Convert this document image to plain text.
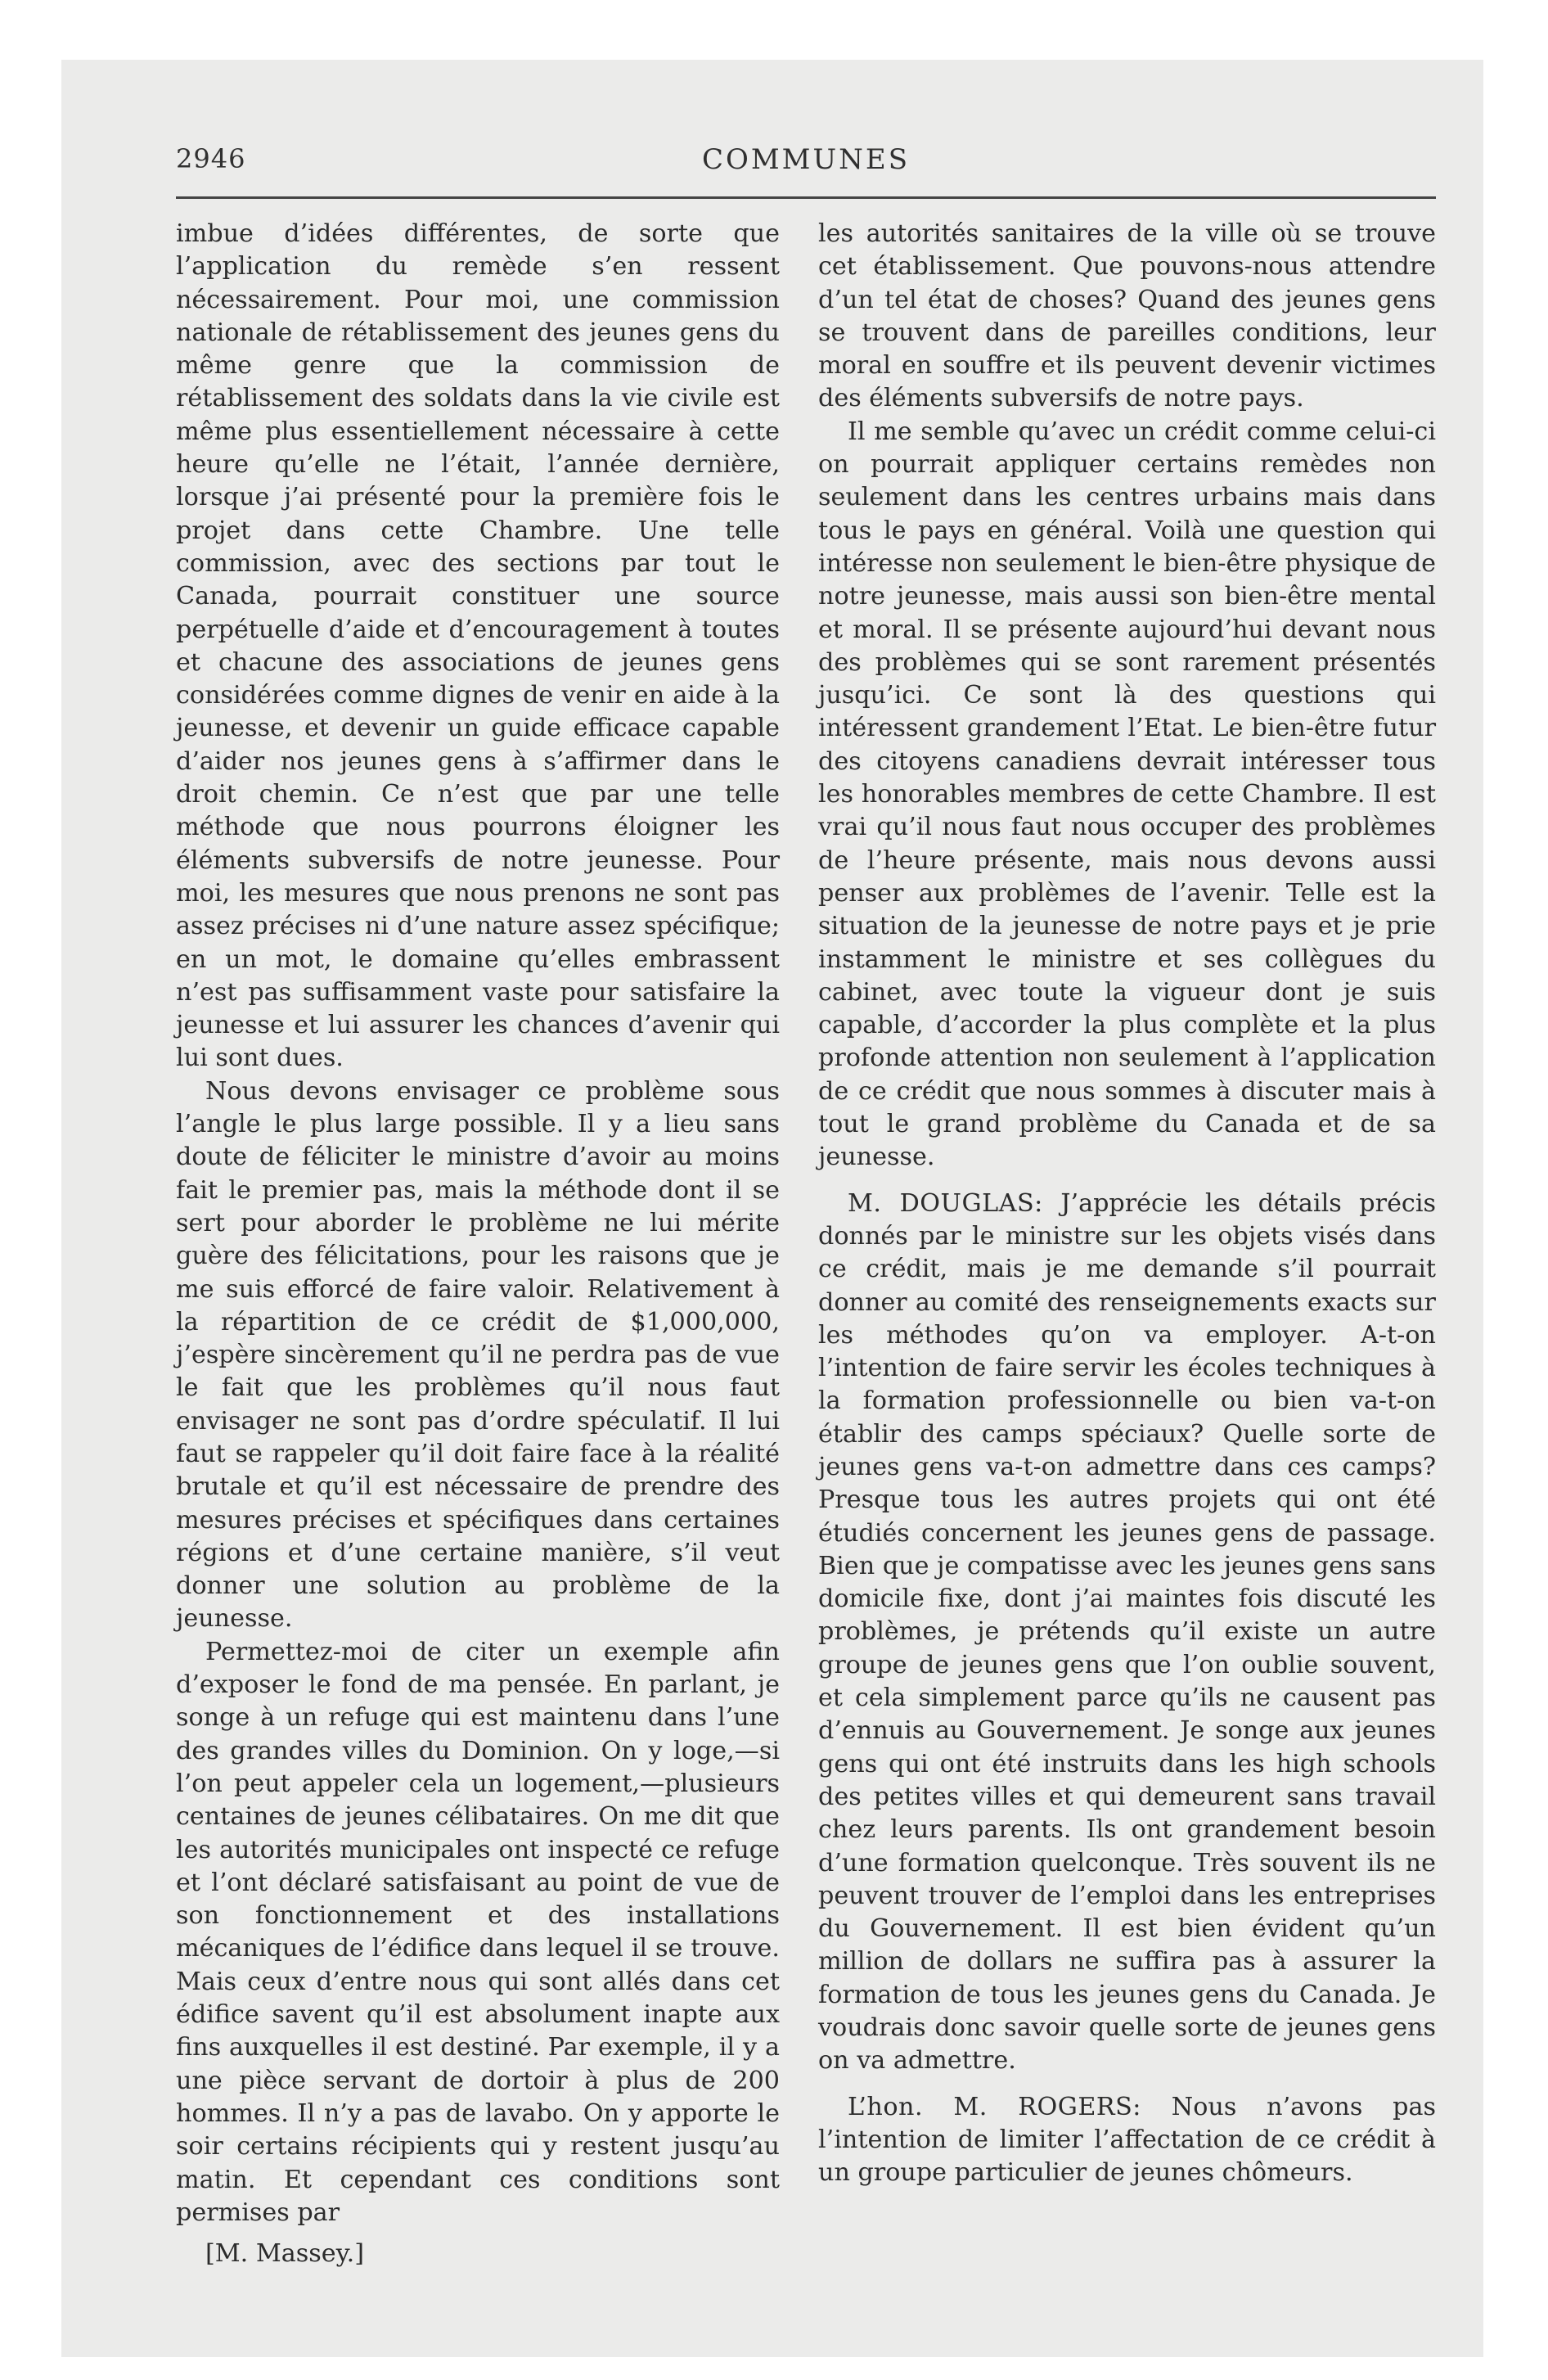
COMMUNES
2946

imbue d’idées différentes, de sorte que l’application du remède s’en ressent nécessairement. Pour moi, une commission nationale de rétablissement des jeunes gens du même genre que la commission de rétablissement des soldats dans la vie civile est même plus essentiellement nécessaire à cette heure qu’elle ne l’était, l’année dernière, lorsque j’ai présenté pour la première fois le projet dans cette Chambre. Une telle commission, avec des sections par tout le Canada, pourrait constituer une source perpétuelle d’aide et d’encouragement à toutes et chacune des associations de jeunes gens considérées comme dignes de venir en aide à la jeunesse, et devenir un guide efficace capable d’aider nos jeunes gens à s’affirmer dans le droit chemin. Ce n’est que par une telle méthode que nous pourrons éloigner les éléments subversifs de notre jeunesse. Pour moi, les mesures que nous prenons ne sont pas assez précises ni d’une nature assez spécifique; en un mot, le domaine qu’elles embrassent n’est pas suffisamment vaste pour satisfaire la jeunesse et lui assurer les chances d’avenir qui lui sont dues.

Nous devons envisager ce problème sous l’angle le plus large possible. Il y a lieu sans doute de féliciter le ministre d’avoir au moins fait le premier pas, mais la méthode dont il se sert pour aborder le problème ne lui mérite guère des félicitations, pour les raisons que je me suis efforcé de faire valoir. Relativement à la répartition de ce crédit de $1,000,000, j’espère sincèrement qu’il ne perdra pas de vue le fait que les problèmes qu’il nous faut envisager ne sont pas d’ordre spéculatif. Il lui faut se rappeler qu’il doit faire face à la réalité brutale et qu’il est nécessaire de prendre des mesures précises et spécifiques dans certaines régions et d’une certaine manière, s’il veut donner une solution au problème de la jeunesse.

Permettez-moi de citer un exemple afin d’exposer le fond de ma pensée. En parlant, je songe à un refuge qui est maintenu dans l’une des grandes villes du Dominion. On y loge,—si l’on peut appeler cela un logement,—plusieurs centaines de jeunes célibataires. On me dit que les autorités municipales ont inspecté ce refuge et l’ont déclaré satisfaisant au point de vue de son fonctionnement et des installations mécaniques de l’édifice dans lequel il se trouve. Mais ceux d’entre nous qui sont allés dans cet édifice savent qu’il est absolument inapte aux fins auxquelles il est destiné. Par exemple, il y a une pièce servant de dortoir à plus de 200 hommes. Il n’y a pas de lavabo. On y apporte le soir certains récipients qui y restent jusqu’au matin. Et cependant ces conditions sont permises par

[M. Massey.]

les autorités sanitaires de la ville où se trouve cet établissement. Que pouvons-nous attendre d’un tel état de choses? Quand des jeunes gens se trouvent dans de pareilles conditions, leur moral en souffre et ils peuvent devenir victimes des éléments subversifs de notre pays.

Il me semble qu’avec un crédit comme celui-ci on pourrait appliquer certains remèdes non seulement dans les centres urbains mais dans tous le pays en général. Voilà une question qui intéresse non seulement le bien-être physique de notre jeunesse, mais aussi son bien-être mental et moral. Il se présente aujourd’hui devant nous des problèmes qui se sont rarement présentés jusqu’ici. Ce sont là des questions qui intéressent grandement l’Etat. Le bien-être futur des citoyens canadiens devrait intéresser tous les honorables membres de cette Chambre. Il est vrai qu’il nous faut nous occuper des problèmes de l’heure présente, mais nous devons aussi penser aux problèmes de l’avenir. Telle est la situation de la jeunesse de notre pays et je prie instamment le ministre et ses collègues du cabinet, avec toute la vigueur dont je suis capable, d’accorder la plus complète et la plus profonde attention non seulement à l’application de ce crédit que nous sommes à discuter mais à tout le grand problème du Canada et de sa jeunesse.

M. DOUGLAS: J’apprécie les détails précis donnés par le ministre sur les objets visés dans ce crédit, mais je me demande s’il pourrait donner au comité des renseignements exacts sur les méthodes qu’on va employer. A-t-on l’intention de faire servir les écoles techniques à la formation professionnelle ou bien va-t-on établir des camps spéciaux? Quelle sorte de jeunes gens va-t-on admettre dans ces camps? Presque tous les autres projets qui ont été étudiés concernent les jeunes gens de passage. Bien que je compatisse avec les jeunes gens sans domicile fixe, dont j’ai maintes fois discuté les problèmes, je prétends qu’il existe un autre groupe de jeunes gens que l’on oublie souvent, et cela simplement parce qu’ils ne causent pas d’ennuis au Gouvernement. Je songe aux jeunes gens qui ont été instruits dans les high schools des petites villes et qui demeurent sans travail chez leurs parents. Ils ont grandement besoin d’une formation quelconque. Très souvent ils ne peuvent trouver de l’emploi dans les entreprises du Gouvernement. Il est bien évident qu’un million de dollars ne suffira pas à assurer la formation de tous les jeunes gens du Canada. Je voudrais donc savoir quelle sorte de jeunes gens on va admettre.

L’hon. M. ROGERS: Nous n’avons pas l’intention de limiter l’affectation de ce crédit à un groupe particulier de jeunes chômeurs.
